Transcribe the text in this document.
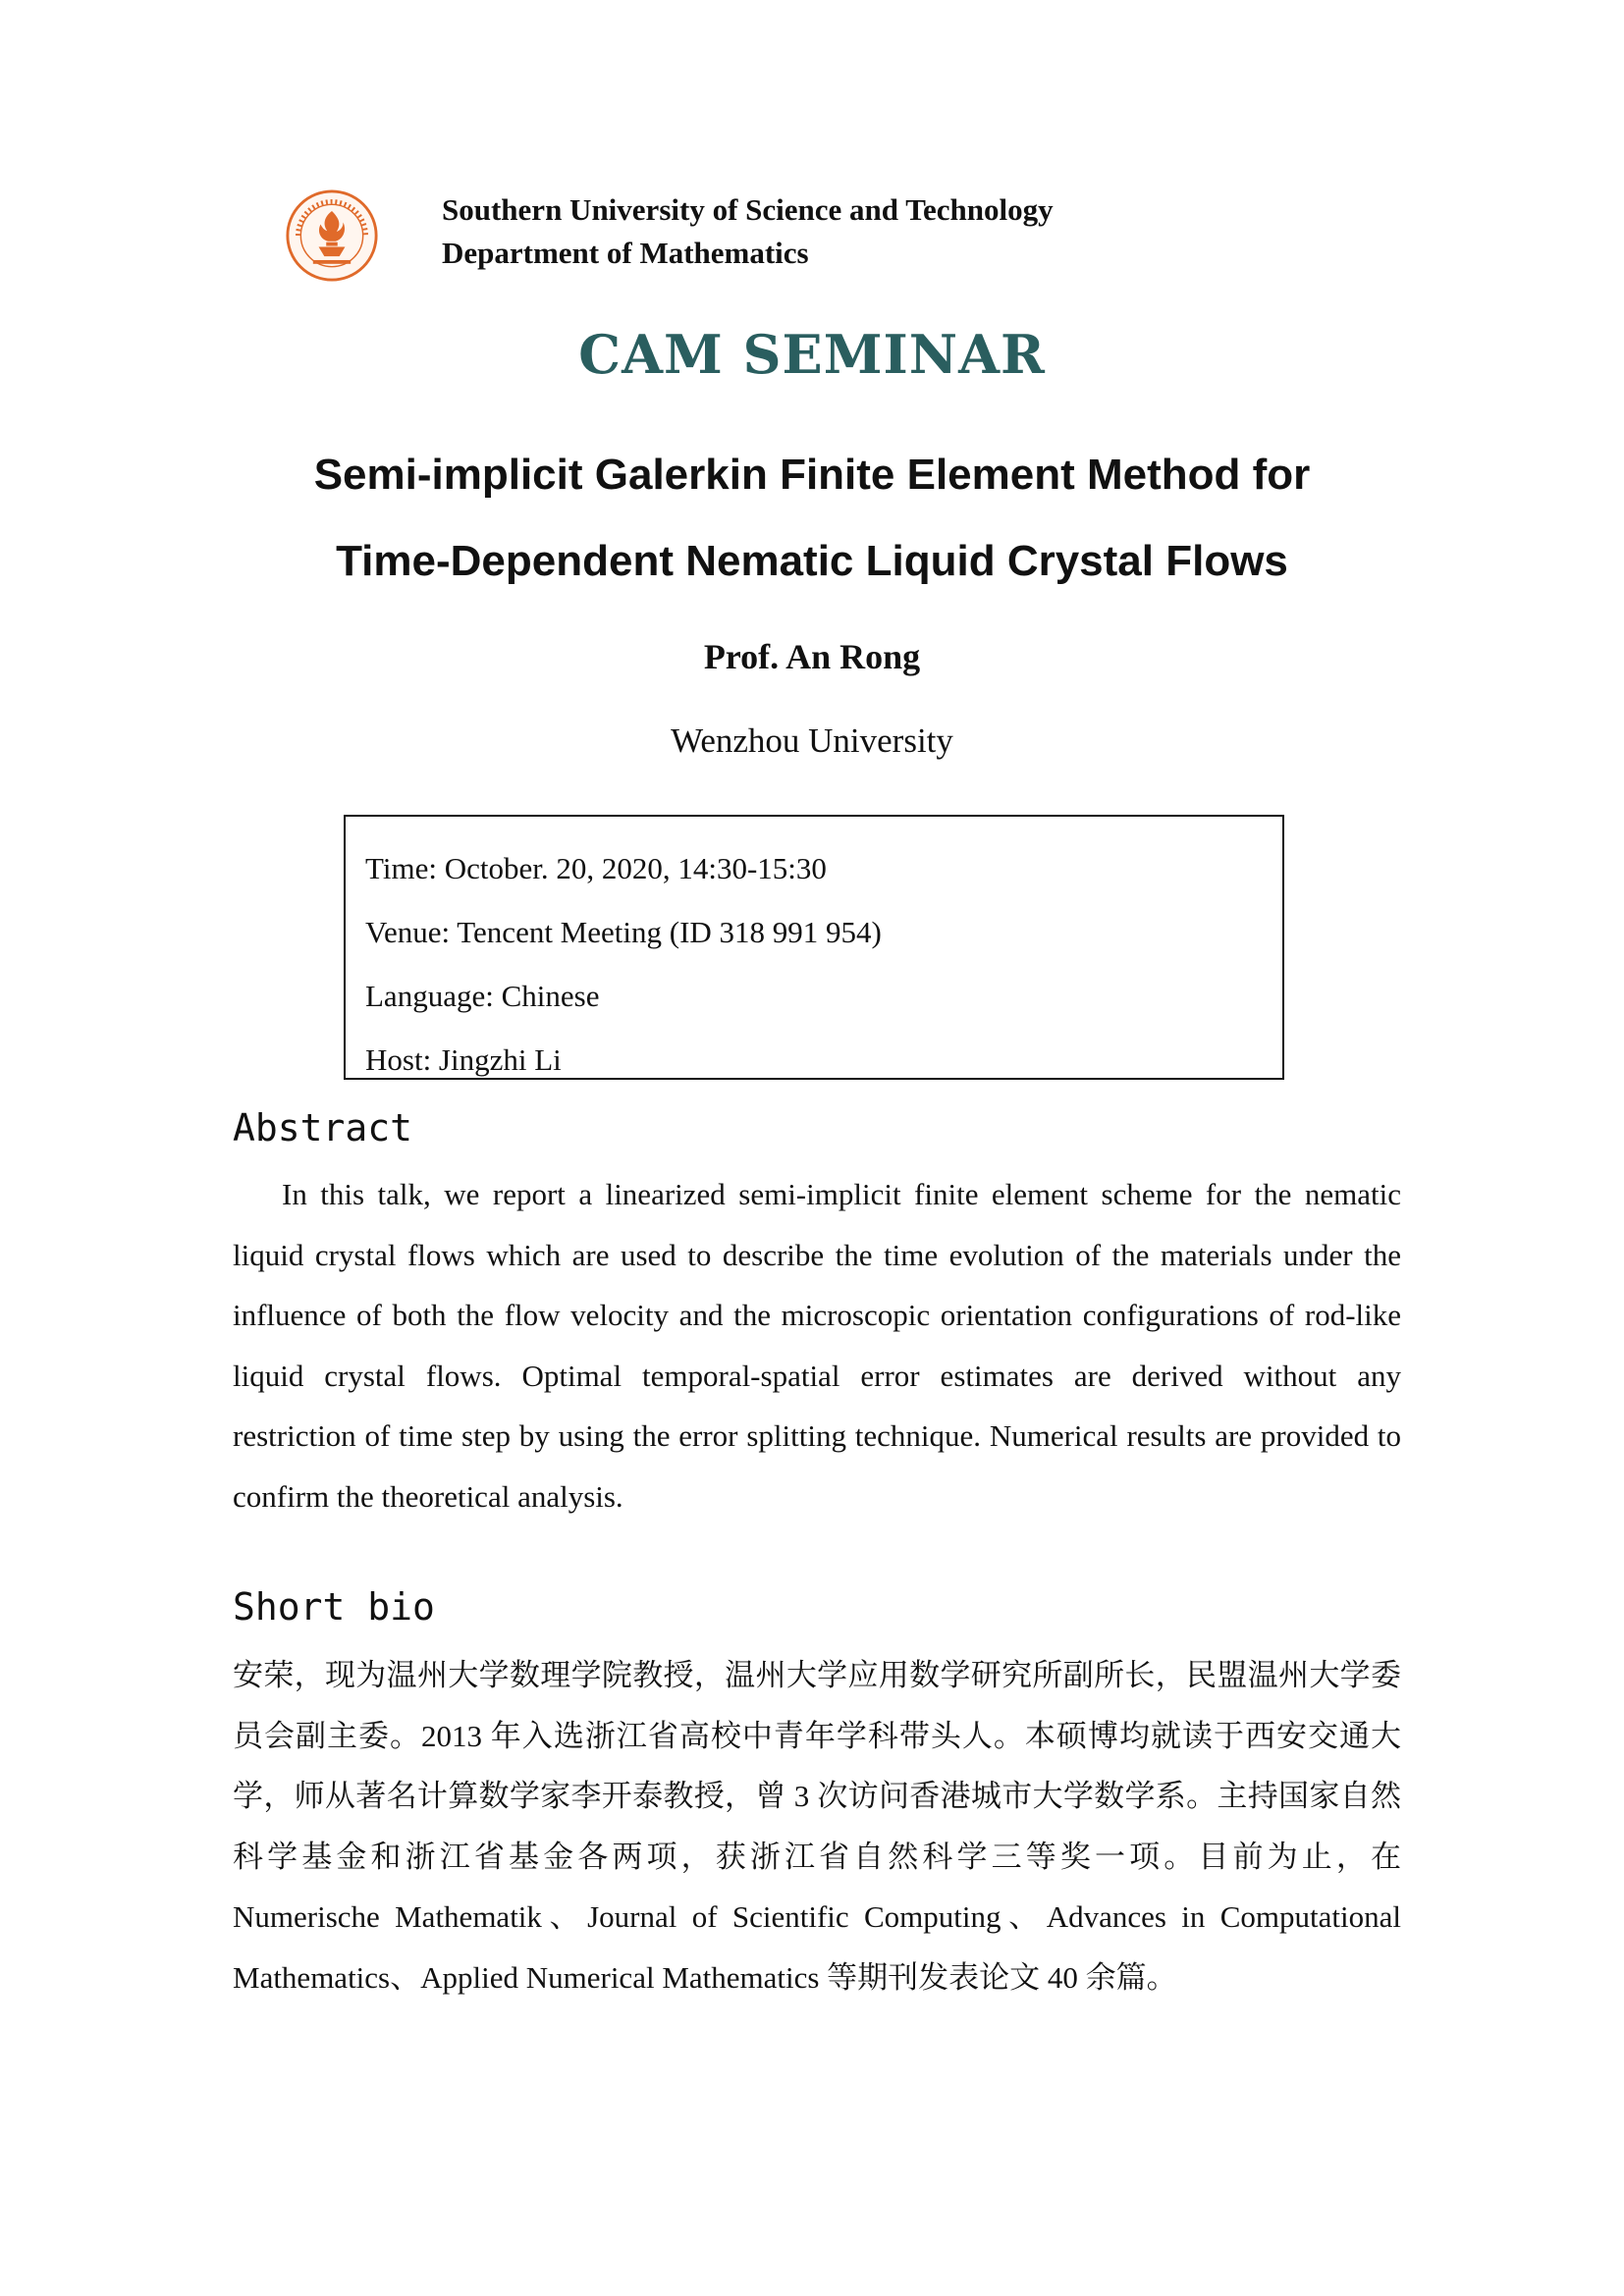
Southern University of Science and Technology
Department of Mathematics
CAM SEMINAR
Semi-implicit Galerkin Finite Element Method for
Time-Dependent Nematic Liquid Crystal Flows
Prof. An Rong
Wenzhou University
Time: October. 20, 2020, 14:30-15:30
Venue: Tencent Meeting (ID 318 991 954)
Language: Chinese
Host: Jingzhi Li
Abstract
In this talk, we report a linearized semi-implicit finite element scheme for the nematic liquid crystal flows which are used to describe the time evolution of the materials under the influence of both the flow velocity and the microscopic orientation configurations of rod-like liquid crystal flows. Optimal temporal-spatial error estimates are derived without any restriction of time step by using the error splitting technique. Numerical results are provided to confirm the theoretical analysis.
Short bio
安荣，现为温州大学数理学院教授，温州大学应用数学研究所副所长，民盟温州大学委员会副主委。2013 年入选浙江省高校中青年学科带头人。本硕博均就读于西安交通大学，师从著名计算数学家李开泰教授，曾 3 次访问香港城市大学数学系。主持国家自然科学基金和浙江省基金各两项，获浙江省自然科学三等奖一项。目前为止，在 Numerische Mathematik、Journal of Scientific Computing、Advances in Computational Mathematics、Applied Numerical Mathematics 等期刊发表论文 40 余篇。
